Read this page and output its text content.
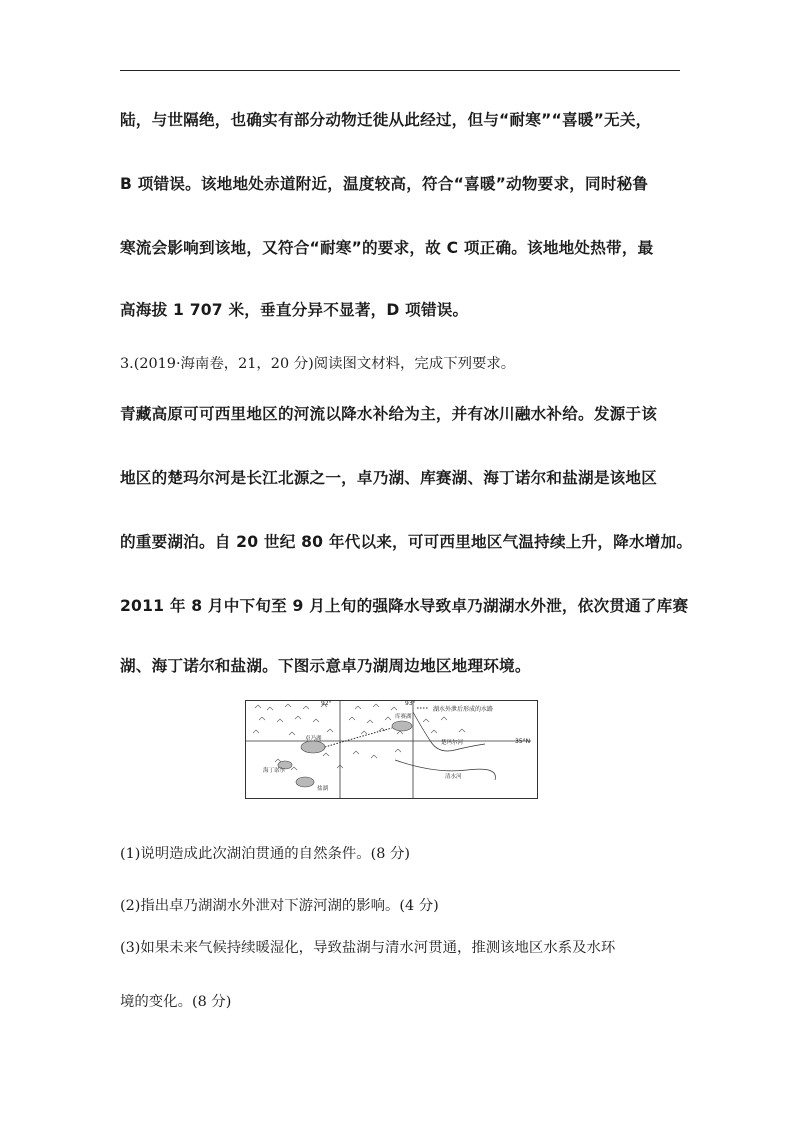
陆，与世隔绝，也确实有部分动物迁徙从此经过，但与“耐寒”“喜暖”无关，
B 项错误。该地地处赤道附近，温度较高，符合“喜暖”动物要求，同时秘鲁
寒流会影响到该地，又符合“耐寒”的要求，故 C 项正确。该地地处热带，最
高海拔 1 707 米，垂直分异不显著，D 项错误。
3.(2019·海南卷，21，20 分)阅读图文材料，完成下列要求。
青藏高原可可西里地区的河流以降水补给为主，并有冰川融水补给。发源于该
地区的楚玛尔河是长江北源之一，卓乃湖、库赛湖、海丁诺尔和盐湖是该地区
的重要湖泊。自 20 世纪 80 年代以来，可可西里地区气温持续上升，降水增加。
2011 年 8 月中下旬至 9 月上旬的强降水导致卓乃湖湖水外泄，依次贯通了库赛
湖、海丁诺尔和盐湖。下图示意卓乃湖周边地区地理环境。
湖水外泄后形成的水路
92°	93°
35°N
卓乃湖
库赛湖
海丁诺尔
盐湖
清水河
楚玛尔河
(1)说明造成此次湖泊贯通的自然条件。(8 分)
(2)指出卓乃湖湖水外泄对下游河湖的影响。(4 分)
(3)如果未来气候持续暖湿化，导致盐湖与清水河贯通，推测该地区水系及水环
境的变化。(8 分)
